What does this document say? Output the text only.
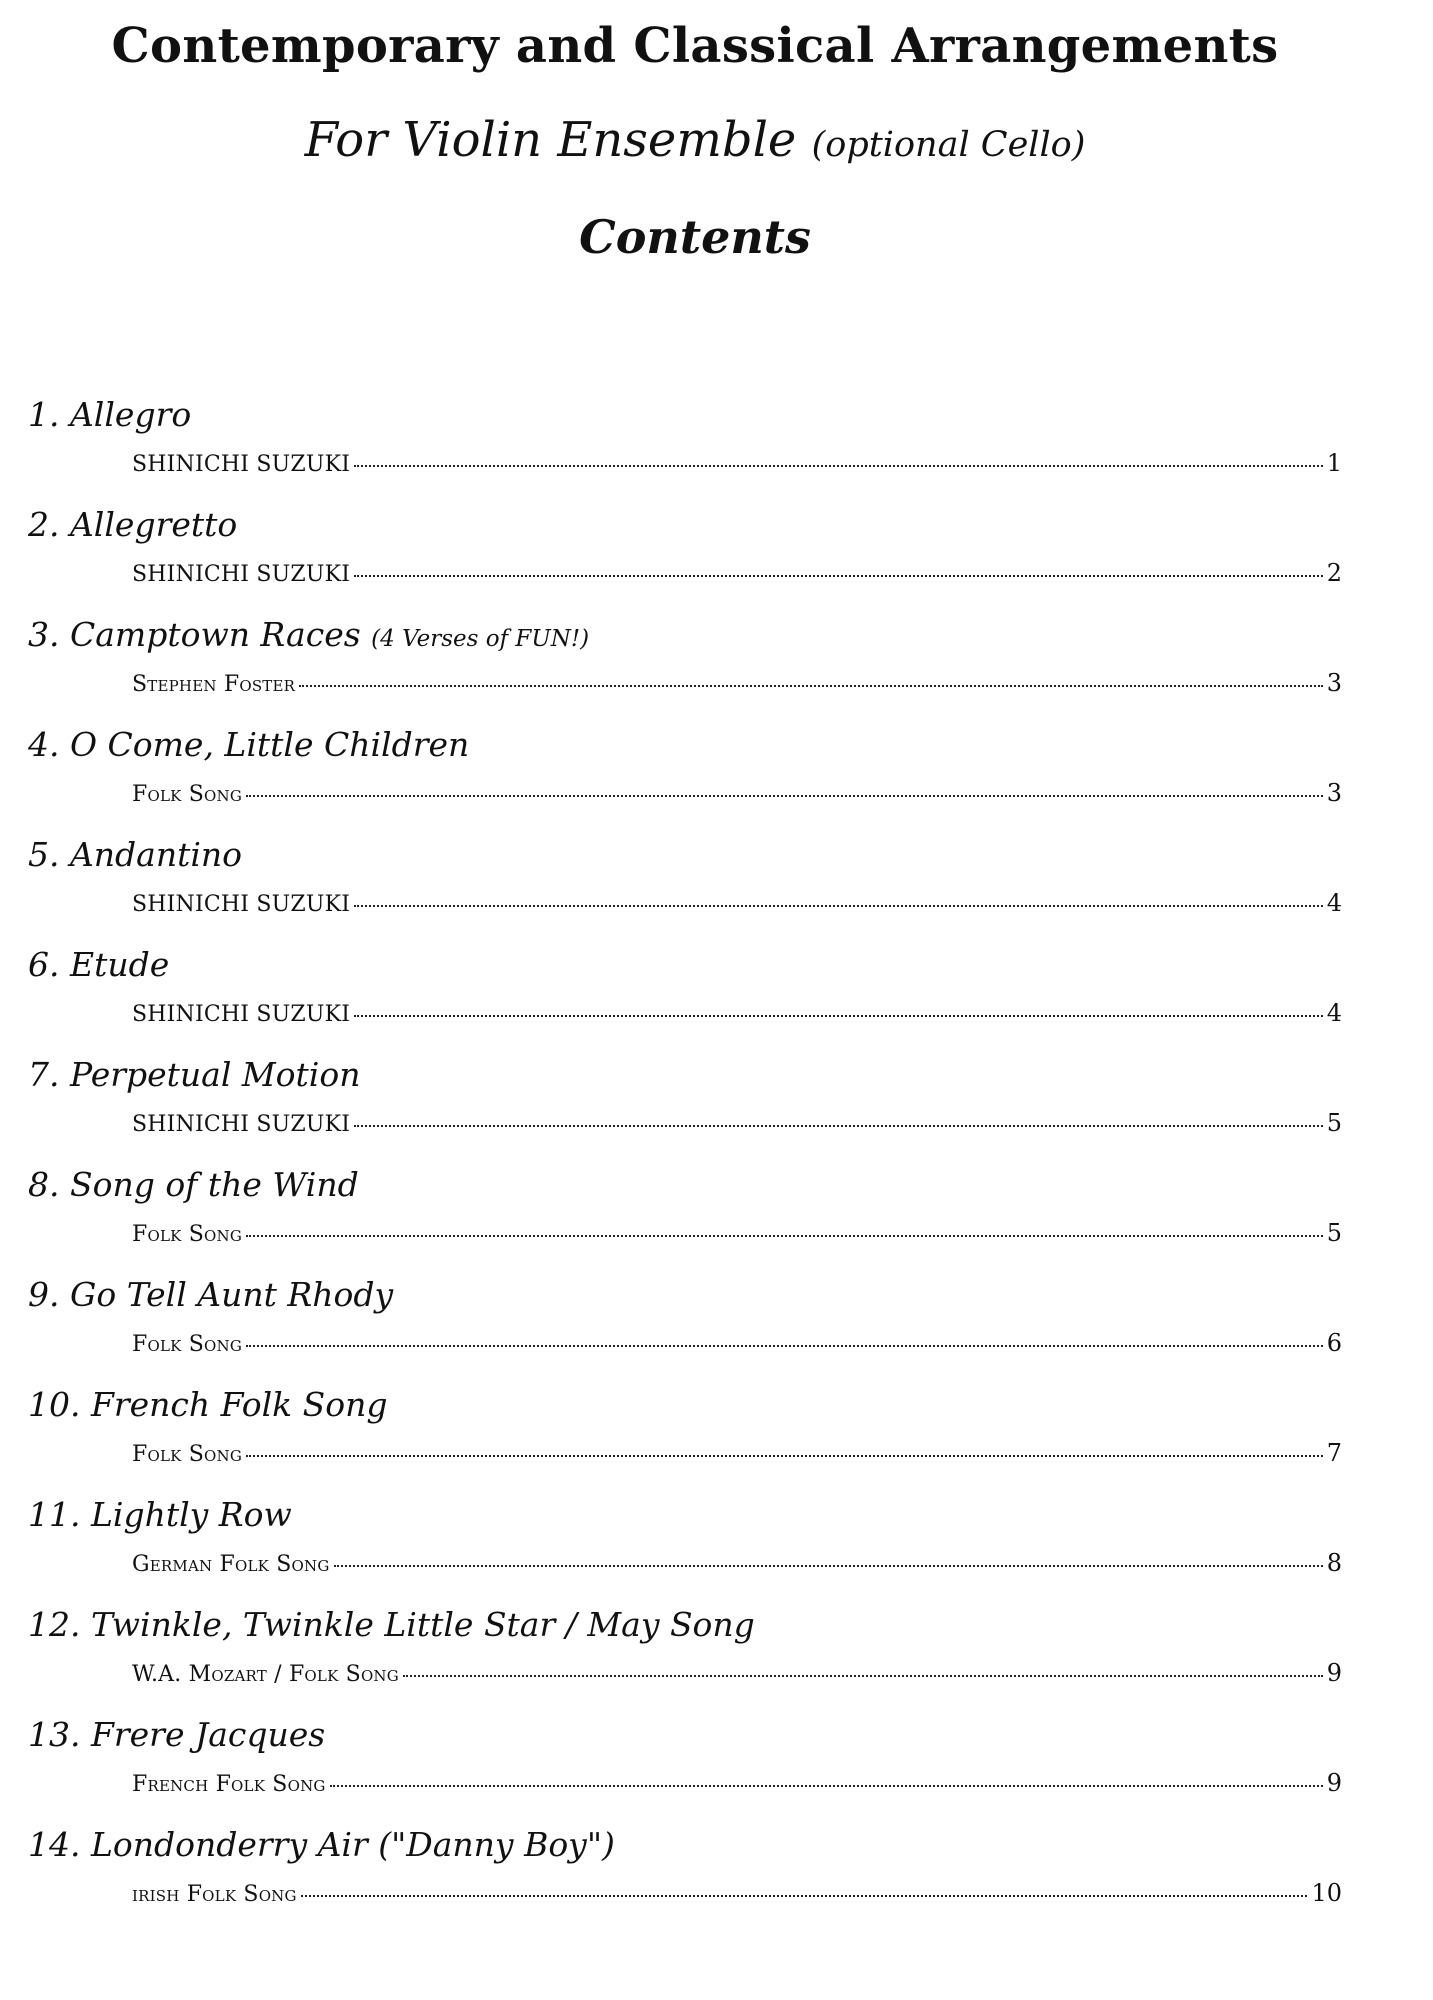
Contemporary and Classical Arrangements
For Violin Ensemble (optional Cello)
Contents
1. Allegro
SHINICHI SUZUKI	1
2. Allegretto
SHINICHI SUZUKI	2
3. Camptown Races (4 Verses of FUN!)
Stephen Foster	3
4. O Come, Little Children
Folk Song	3
5. Andantino
SHINICHI SUZUKI	4
6. Etude
SHINICHI SUZUKI	4
7. Perpetual Motion
SHINICHI SUZUKI	5
8. Song of the Wind
Folk Song	5
9. Go Tell Aunt Rhody
Folk Song	6
10. French Folk Song
Folk Song	7
11. Lightly Row
German Folk Song	8
12. Twinkle, Twinkle Little Star / May Song
W.A. Mozart / Folk Song	9
13. Frere Jacques
French Folk Song	9
14. Londonderry Air ("Danny Boy")
irish Folk Song	10
